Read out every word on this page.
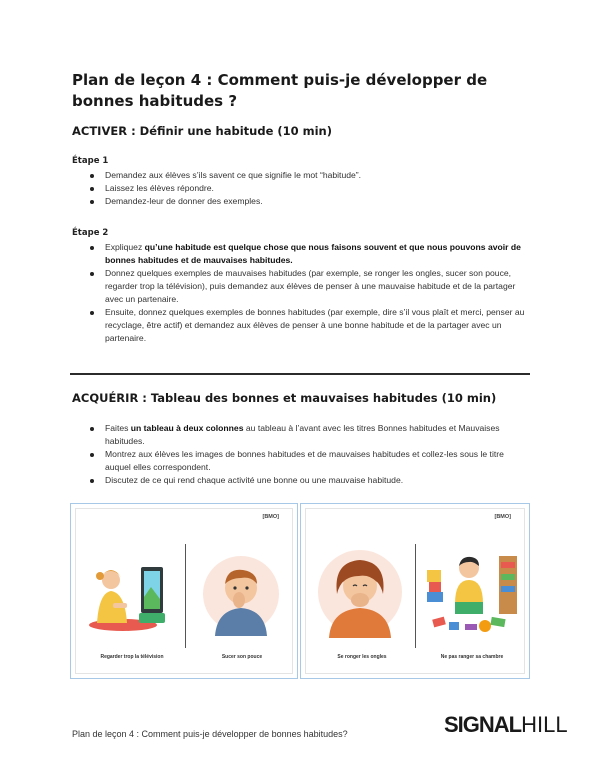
Plan de leçon 4 : Comment puis-je développer de bonnes habitudes ?
ACTIVER : Définir une habitude (10 min)
Étape 1
Demandez aux élèves s’ils savent ce que signifie le mot “habitude”.
Laissez les élèves répondre.
Demandez-leur de donner des exemples.
Étape 2
Expliquez qu’une habitude est quelque chose que nous faisons souvent et que nous pouvons avoir de bonnes habitudes et de mauvaises habitudes.
Donnez quelques exemples de mauvaises habitudes (par exemple, se ronger les ongles, sucer son pouce, regarder trop la télévision), puis demandez aux élèves de penser à une mauvaise habitude et de la partager avec un partenaire.
Ensuite, donnez quelques exemples de bonnes habitudes (par exemple, dire s’il vous plaît et merci, penser au recyclage, être actif) et demandez aux élèves de penser à une bonne habitude et de la partager avec un partenaire.
ACQUÉRIR : Tableau des bonnes et mauvaises habitudes (10 min)
Faites un tableau à deux colonnes au tableau à l’avant avec les titres Bonnes habitudes et Mauvaises habitudes.
Montrez aux élèves les images de bonnes habitudes et de mauvaises habitudes et collez-les sous le titre auquel elles correspondent.
Discutez de ce qui rend chaque activité une bonne ou une mauvaise habitude.
[BMO]
Regarder trop la télévision	Sucer son pouce
[BMO]
Se ronger les ongles	Ne pas ranger sa chambre
Plan de leçon 4 : Comment puis-je développer de bonnes habitudes?	SIGNALHILL
